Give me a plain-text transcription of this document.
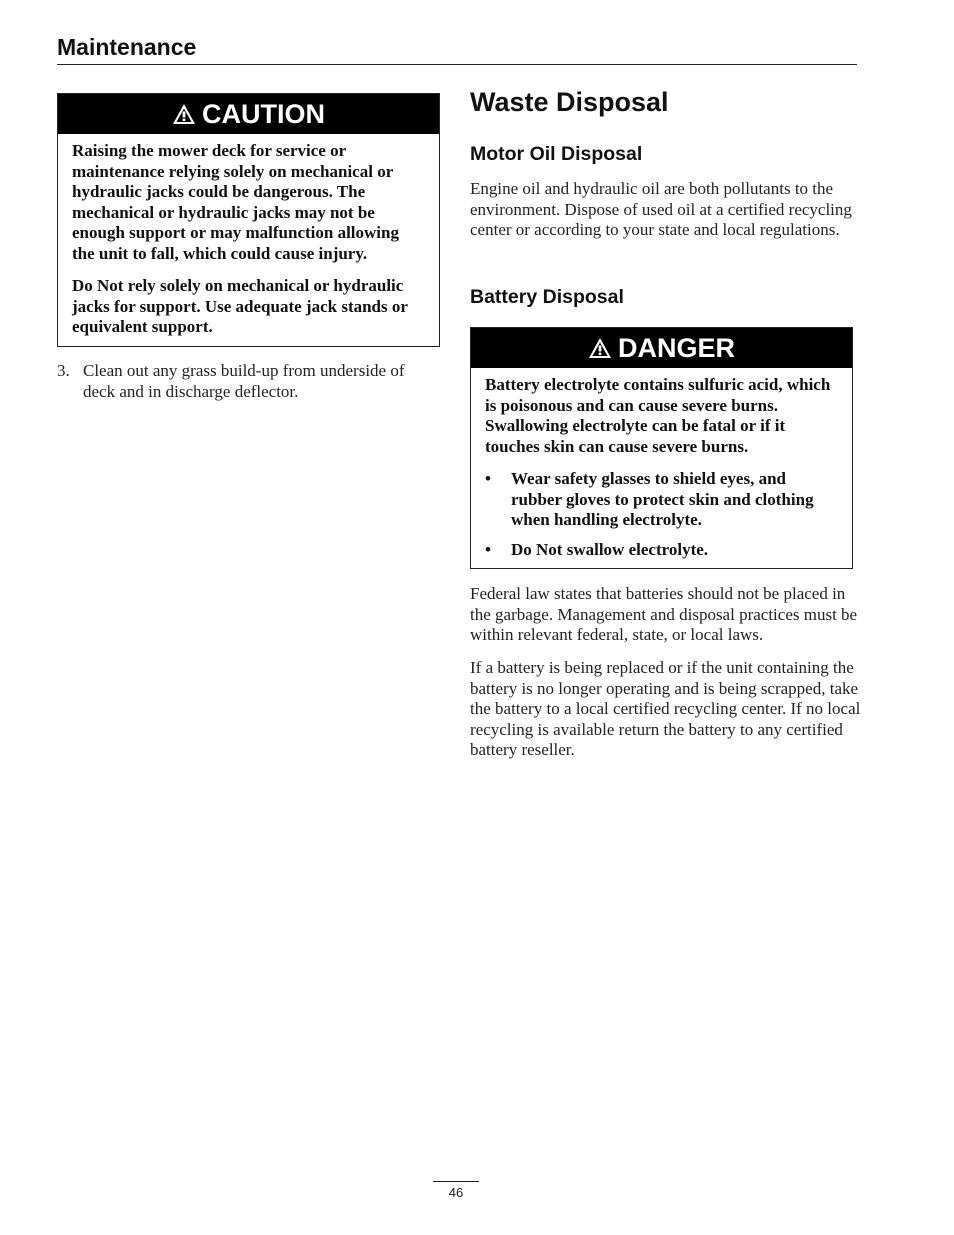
Maintenance
CAUTION

Raising the mower deck for service or maintenance relying solely on mechanical or hydraulic jacks could be dangerous. The mechanical or hydraulic jacks may not be enough support or may malfunction allowing the unit to fall, which could cause injury.

Do Not rely solely on mechanical or hydraulic jacks for support. Use adequate jack stands or equivalent support.

3. Clean out any grass build-up from underside of deck and in discharge deflector.
Waste Disposal
Motor Oil Disposal

Engine oil and hydraulic oil are both pollutants to the environment. Dispose of used oil at a certified recycling center or according to your state and local regulations.

Battery Disposal
DANGER

Battery electrolyte contains sulfuric acid, which is poisonous and can cause severe burns. Swallowing electrolyte can be fatal or if it touches skin can cause severe burns.

• Wear safety glasses to shield eyes, and rubber gloves to protect skin and clothing when handling electrolyte.
• Do Not swallow electrolyte.

Federal law states that batteries should not be placed in the garbage. Management and disposal practices must be within relevant federal, state, or local laws.

If a battery is being replaced or if the unit containing the battery is no longer operating and is being scrapped, take the battery to a local certified recycling center. If no local recycling is available return the battery to any certified battery reseller.

46
